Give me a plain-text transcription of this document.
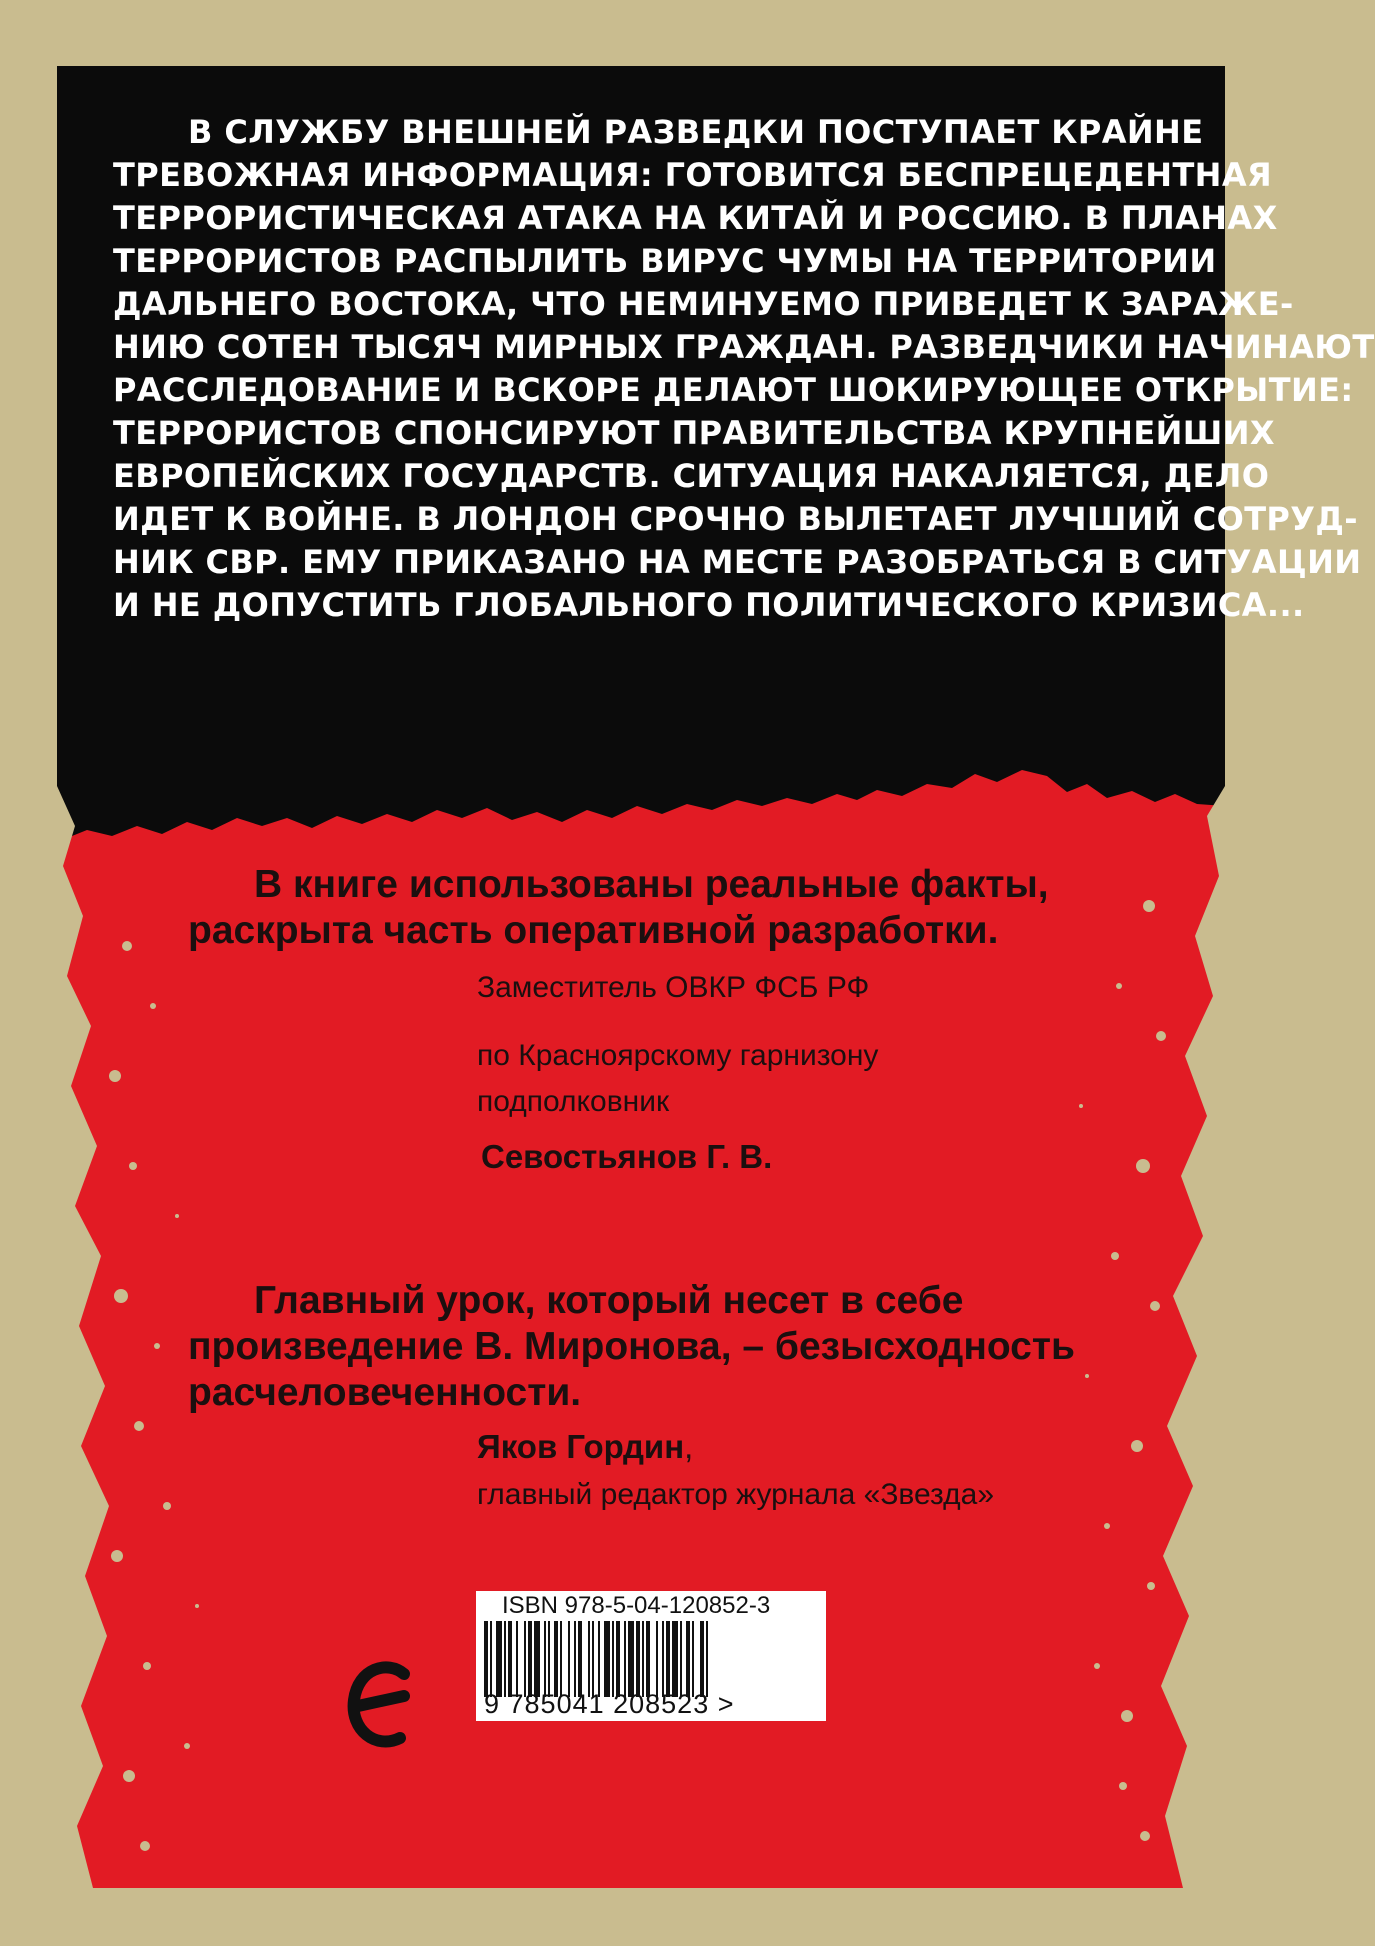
В СЛУЖБУ ВНЕШНЕЙ РАЗВЕДКИ ПОСТУПАЕТ КРАЙНЕ
ТРЕВОЖНАЯ ИНФОРМАЦИЯ: ГОТОВИТСЯ БЕСПРЕЦЕДЕНТНАЯ
ТЕРРОРИСТИЧЕСКАЯ АТАКА НА КИТАЙ И РОССИЮ. В ПЛАНАХ
ТЕРРОРИСТОВ РАСПЫЛИТЬ ВИРУС ЧУМЫ НА ТЕРРИТОРИИ
ДАЛЬНЕГО ВОСТОКА, ЧТО НЕМИНУЕМО ПРИВЕДЕТ К ЗАРАЖЕ-
НИЮ СОТЕН ТЫСЯЧ МИРНЫХ ГРАЖДАН. РАЗВЕДЧИКИ НАЧИНАЮТ
РАССЛЕДОВАНИЕ И ВСКОРЕ ДЕЛАЮТ ШОКИРУЮЩЕЕ ОТКРЫТИЕ:
ТЕРРОРИСТОВ СПОНСИРУЮТ ПРАВИТЕЛЬСТВА КРУПНЕЙШИХ
ЕВРОПЕЙСКИХ ГОСУДАРСТВ. СИТУАЦИЯ НАКАЛЯЕТСЯ, ДЕЛО
ИДЕТ К ВОЙНЕ. В ЛОНДОН СРОЧНО ВЫЛЕТАЕТ ЛУЧШИЙ СОТРУД-
НИК СВР. ЕМУ ПРИКАЗАНО НА МЕСТЕ РАЗОБРАТЬСЯ В СИТУАЦИИ
И НЕ ДОПУСТИТЬ ГЛОБАЛЬНОГО ПОЛИТИЧЕСКОГО КРИЗИСА...

В книге использованы реальные факты,
раскрыта часть оперативной разработки.

Заместитель ОВКР ФСБ РФ

по Красноярскому гарнизону

подполковник

Севостьянов Г. В.

Главный урок, который несет в себе
произведение В. Миронова, – безысходность
расчеловеченности.

Яков Гордин,

главный редактор журнала «Звезда»

ISBN 978-5-04-120852-3
9 785041 208523 >
